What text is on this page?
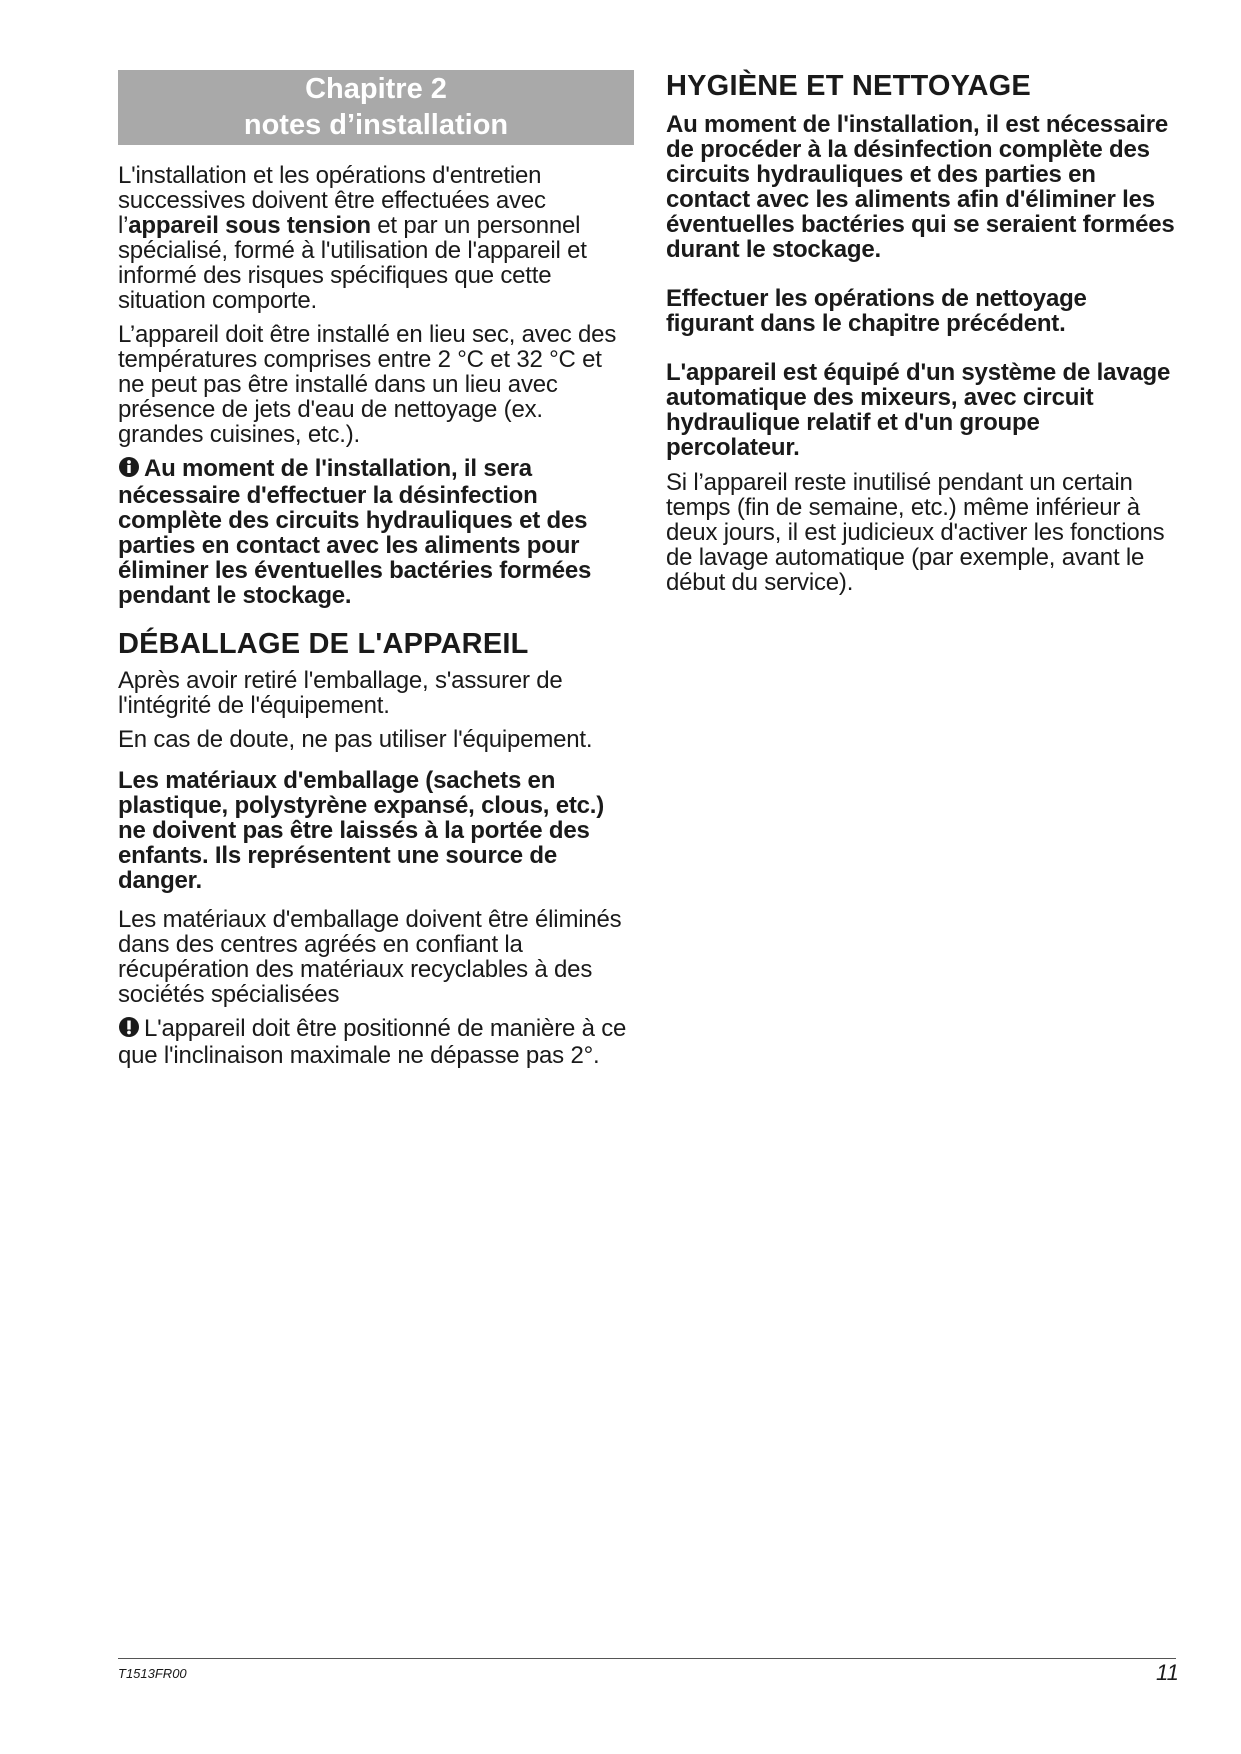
Chapitre 2
notes d’installation

L'installation et les opérations d'entretien successives doivent être effectuées avec l’appareil sous tension et par un personnel spécialisé, formé à l'utilisation de l'appareil et informé des risques spécifiques que cette situation comporte.

L’appareil doit être installé en lieu sec, avec des températures comprises entre 2 °C et 32 °C et ne peut pas être installé dans un lieu avec présence de jets d'eau de nettoyage (ex. grandes cuisines, etc.).

Au moment de l'installation, il sera nécessaire d'effectuer la désinfection complète des circuits hydrauliques et des parties en contact avec les aliments pour éliminer les éventuelles bactéries formées pendant le stockage.

DÉBALLAGE DE L'APPAREIL

Après avoir retiré l'emballage, s'assurer de l'intégrité de l'équipement.

En cas de doute, ne pas utiliser l'équipement.

Les matériaux d'emballage (sachets en plastique, polystyrène expansé, clous, etc.) ne doivent pas être laissés à la portée des enfants. Ils représentent une source de danger.

Les matériaux d'emballage doivent être éliminés dans des centres agréés en confiant la récupération des matériaux recyclables à des sociétés spécialisées

L'appareil doit être positionné de manière à ce que l'inclinaison maximale ne dépasse pas 2°.

HYGIÈNE ET NETTOYAGE

Au moment de l'installation, il est nécessaire de procéder à la désinfection complète des circuits hydrauliques et des parties en contact avec les aliments afin d'éliminer les éventuelles bactéries qui se seraient formées durant le stockage.

Effectuer les opérations de nettoyage figurant dans le chapitre précédent.

L'appareil est équipé d'un système de lavage automatique des mixeurs, avec circuit hydraulique relatif et d'un groupe percolateur.

Si l’appareil reste inutilisé pendant un certain temps (fin de semaine, etc.) même inférieur à deux jours, il est judicieux d'activer les fonctions de lavage automatique (par exemple, avant le début du service).

T1513FR00	11
